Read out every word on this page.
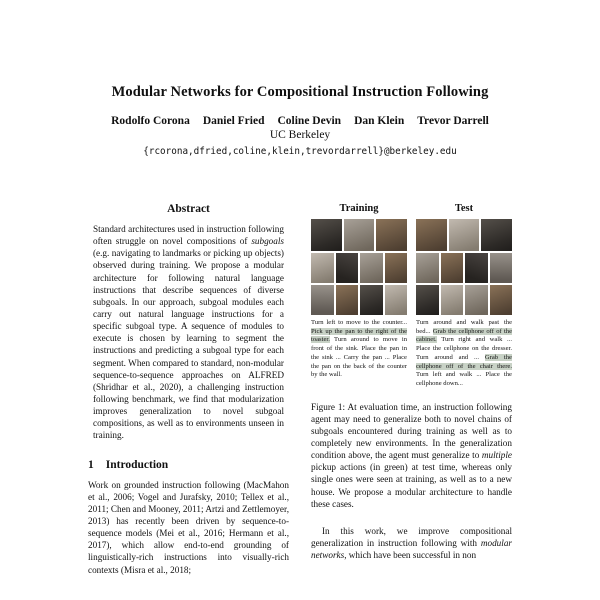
Modular Networks for Compositional Instruction Following
Rodolfo Corona Daniel Fried Coline Devin Dan Klein Trevor Darrell
UC Berkeley
{rcorona,dfried,coline,klein,trevordarrell}@berkeley.edu
Abstract

Standard architectures used in instruction following often struggle on novel compositions of subgoals (e.g. navigating to landmarks or picking up objects) observed during training. We propose a modular architecture for following natural language instructions that describe sequences of diverse subgoals. In our approach, subgoal modules each carry out natural language instructions for a specific subgoal type. A sequence of modules to execute is chosen by learning to segment the instructions and predicting a subgoal type for each segment. When compared to standard, non-modular sequence-to-sequence approaches on ALFRED (Shridhar et al., 2020), a challenging instruction following benchmark, we find that modularization improves generalization to novel subgoal compositions, as well as to environments unseen in training.

1 Introduction

Work on grounded instruction following (MacMahon et al., 2006; Vogel and Jurafsky, 2010; Tellex et al., 2011; Chen and Mooney, 2011; Artzi and Zettlemoyer, 2013) has recently been driven by sequence-to-sequence models (Mei et al., 2016; Hermann et al., 2017), which allow end-to-end grounding of linguistically-rich instructions into visually-rich contexts (Misra et al., 2018;

Training

Turn left to move to the counter... Pick up the pan to the right of the toaster. Turn around to move in front of the sink. Place the pan in the sink ... Carry the pan ... Place the pan on the back of the counter by the wall.

Test

Turn around and walk past the bed... Grab the cellphone off of the cabinet. Turn right and walk ... Place the cellphone on the dresser. Turn around and ... Grab the cellphone off of the chair there. Turn left and walk ... Place the cellphone down...

Figure 1: At evaluation time, an instruction following agent may need to generalize both to novel chains of subgoals encountered during training as well as to completely new environments. In the generalization condition above, the agent must generalize to multiple pickup actions (in green) at test time, whereas only single ones were seen at training, as well as to a new house. We propose a modular architecture to handle these cases.

In this work, we improve compositional generalization in instruction following with modular networks, which have been successful in non
